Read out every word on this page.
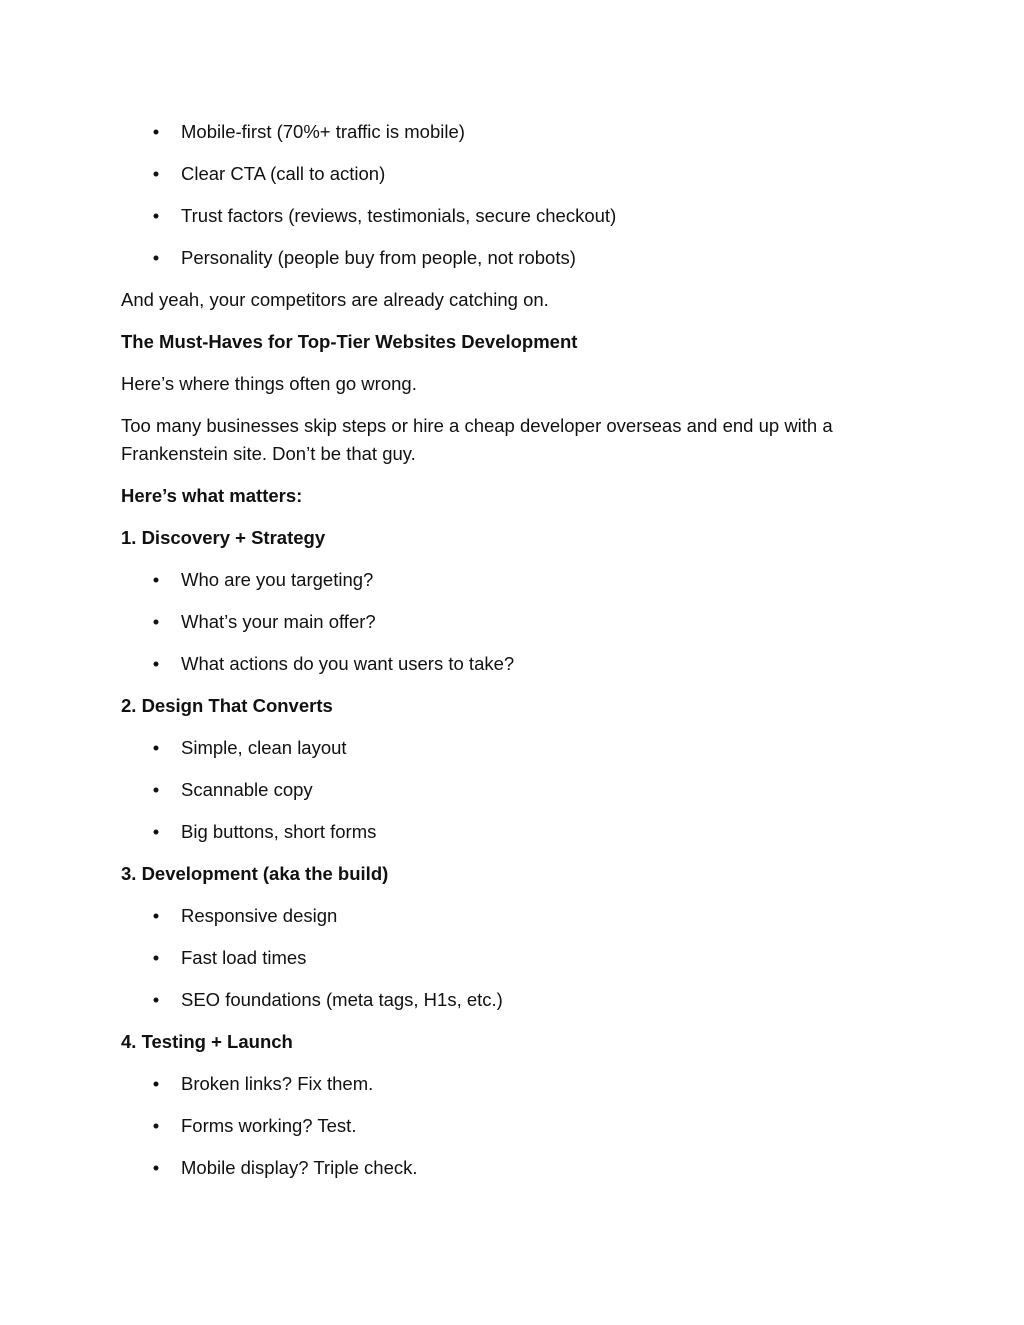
• Mobile-first (70%+ traffic is mobile)
• Clear CTA (call to action)
• Trust factors (reviews, testimonials, secure checkout)
• Personality (people buy from people, not robots)

And yeah, your competitors are already catching on.

The Must-Haves for Top-Tier Websites Development

Here’s where things often go wrong.

Too many businesses skip steps or hire a cheap developer overseas and end up with a Frankenstein site. Don’t be that guy.

Here’s what matters:

1. Discovery + Strategy

• Who are you targeting?
• What’s your main offer?
• What actions do you want users to take?

2. Design That Converts

• Simple, clean layout
• Scannable copy
• Big buttons, short forms

3. Development (aka the build)

• Responsive design
• Fast load times
• SEO foundations (meta tags, H1s, etc.)

4. Testing + Launch

• Broken links? Fix them.
• Forms working? Test.
• Mobile display? Triple check.
